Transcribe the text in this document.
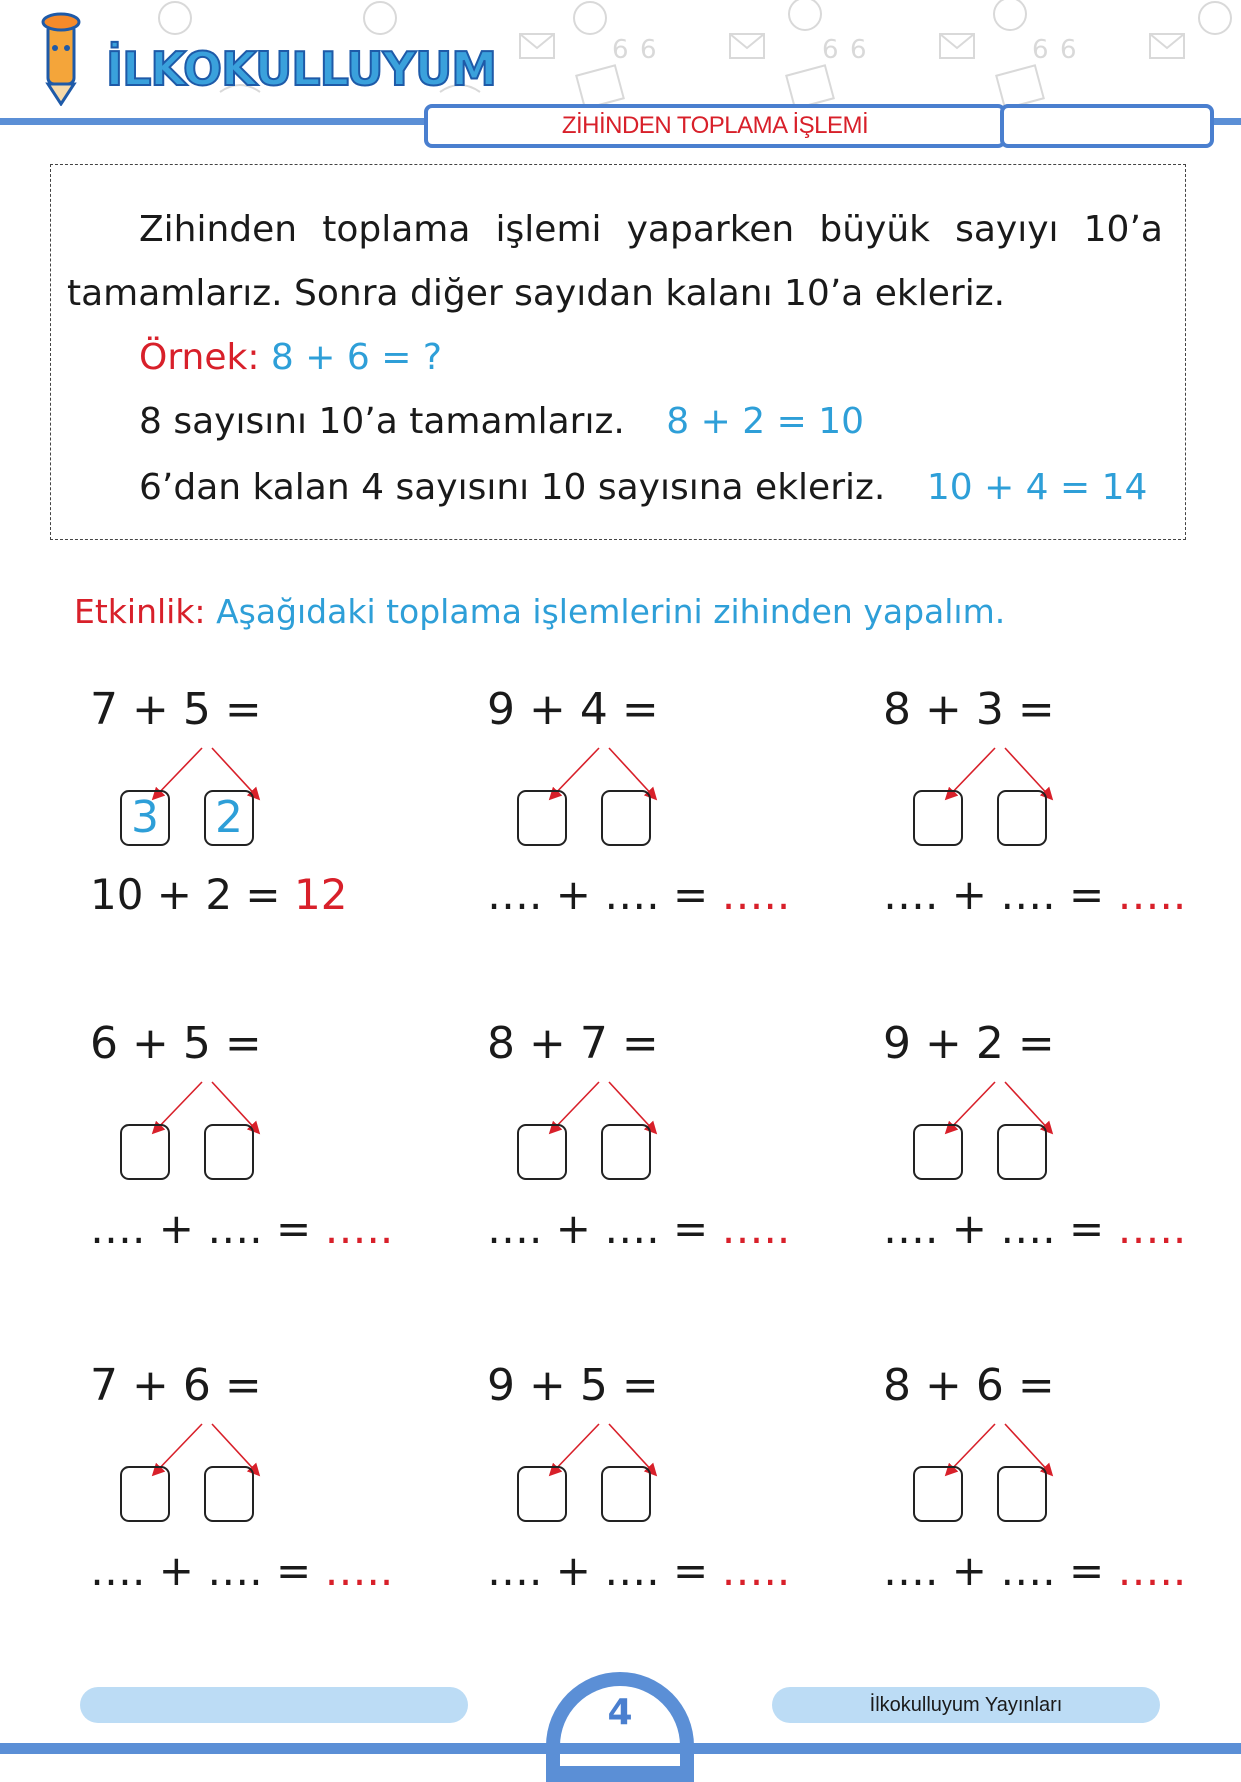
6	6	6
6	6	6
İLKOKULLUYUM
ZİHİNDEN TOPLAMA İŞLEMİ
Zihinden toplama işlemi yaparken büyük sayıyı 10’a
tamamlarız. Sonra diğer sayıdan kalanı 10’a ekleriz.
Örnek: 8 + 6 = ?
8 sayısını 10’a tamamlarız. 8 + 2 = 10
6’dan kalan 4 sayısını 10 sayısına ekleriz. 10 + 4 = 14
Etkinlik: Aşağıdaki toplama işlemlerini zihinden yapalım.
7 + 5 =
3 2
10 + 2 = 12
9 + 4 =
…. + …. = …..
8 + 3 =
…. + …. = …..
6 + 5 =
…. + …. = …..
8 + 7 =
…. + …. = …..
9 + 2 =
…. + …. = …..
7 + 6 =
…. + …. = …..
9 + 5 =
…. + …. = …..
8 + 6 =
…. + …. = …..
İlkokulluyum Yayınları
4
